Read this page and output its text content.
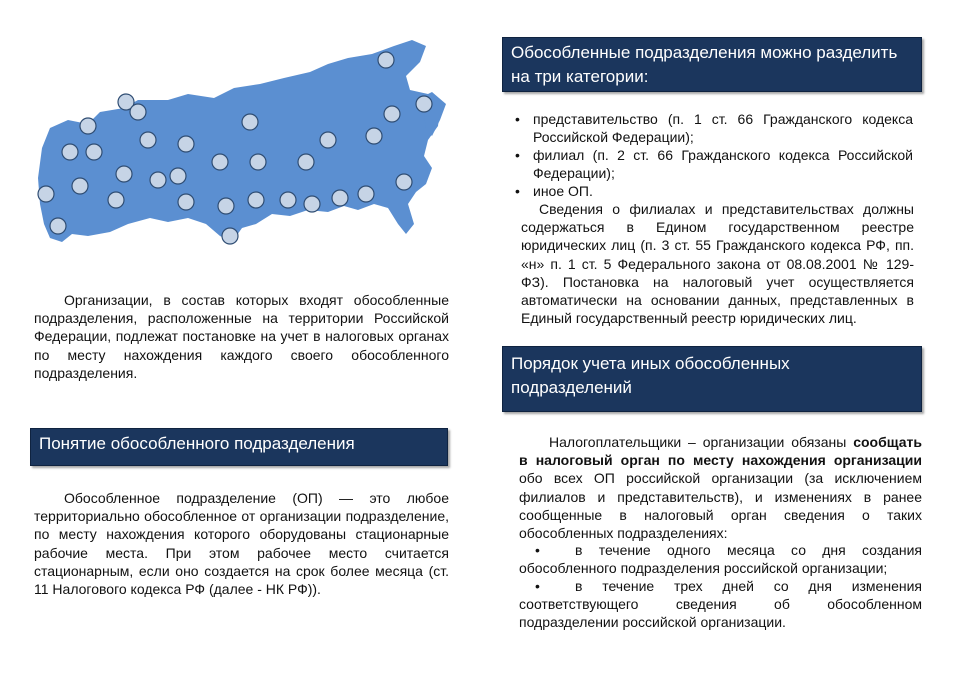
Организации, в состав которых входят обособленные подразделения, расположенные на территории Российской Федерации, подлежат постановке на учет в налоговых органах по месту нахождения каждого своего обособленного подразделения.

Понятие обособленного подразделения

Обособленное подразделение (ОП) — это любое территориально обособленное от организации подразделение, по месту нахождения которого оборудованы стационарные рабочие места. При этом рабочее место считается стационарным, если оно создается на срок более месяца (ст. 11 Налогового кодекса РФ (далее - НК РФ)).

Обособленные подразделения можно разделить на три категории:
• представительство (п. 1 ст. 66 Гражданского кодекса Российской Федерации);
• филиал (п. 2 ст. 66 Гражданского кодекса Российской Федерации);
• иное ОП.

Сведения о филиалах и представительствах должны содержаться в Едином государственном реестре юридических лиц (п. 3 ст. 55 Гражданского кодекса РФ, пп. «н» п. 1 ст. 5 Федерального закона от 08.08.2001 № 129-ФЗ). Постановка на налоговый учет осуществляется автоматически на основании данных, представленных в Единый государственный реестр юридических лиц.

Порядок учета иных обособленных подразделений

Налогоплательщики – организации обязаны сообщать в налоговый орган по месту нахождения организации обо всех ОП российской организации (за исключением филиалов и представительств), и изменениях в ранее сообщенные в налоговый орган сведения о таких обособленных подразделениях:

•	в течение одного месяца со дня создания обособленного подразделения российской организации;

•	в течение трех дней со дня изменения соответствующего сведения об обособленном подразделении российской организации.
